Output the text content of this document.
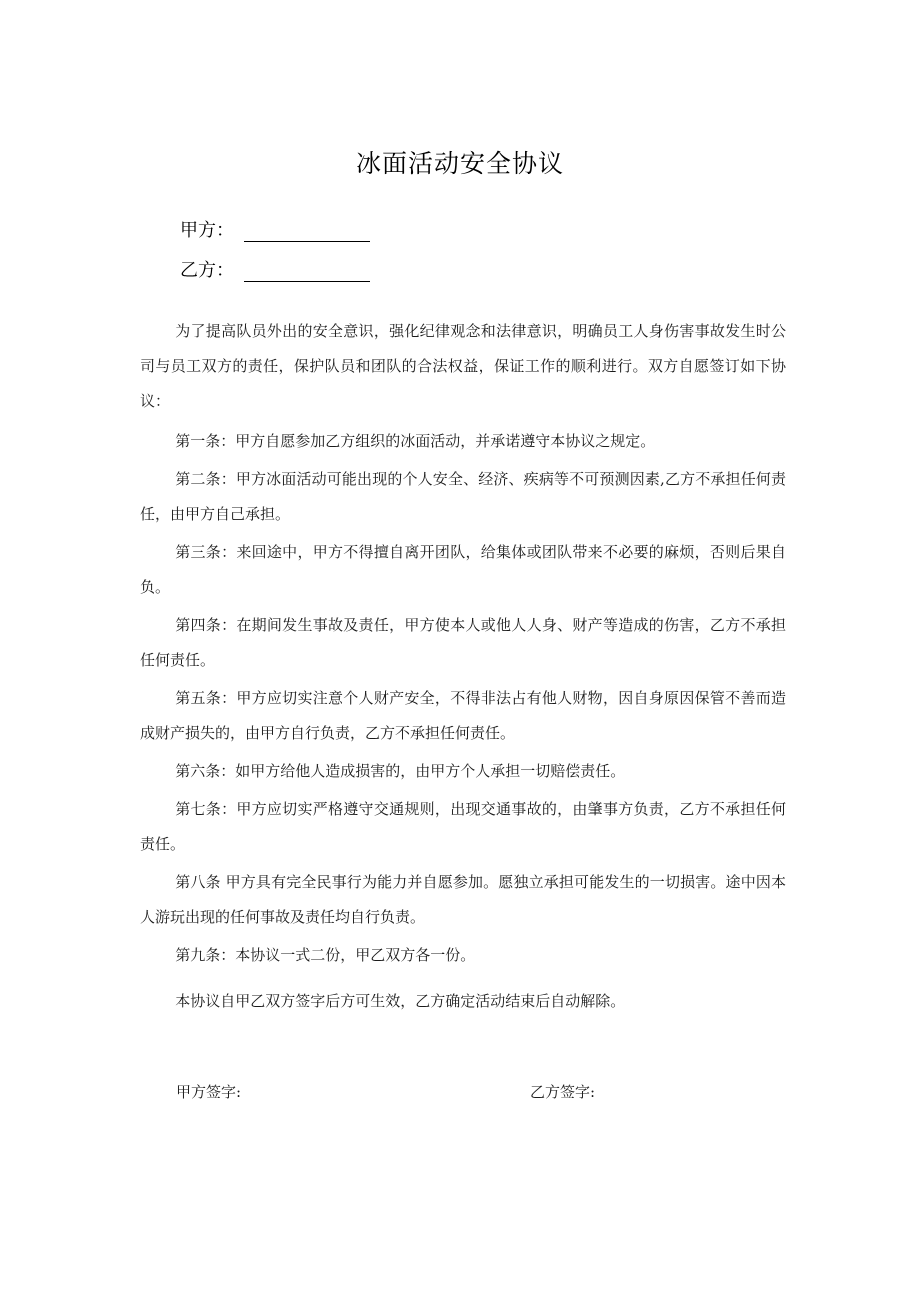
冰面活动安全协议
甲方：
乙方：

为了提高队员外出的安全意识，强化纪律观念和法律意识，明确员工人身伤害事故发生时公司与员工双方的责任，保护队员和团队的合法权益，保证工作的顺利进行。双方自愿签订如下协议：

第一条：甲方自愿参加乙方组织的冰面活动，并承诺遵守本协议之规定。

第二条：甲方冰面活动可能出现的个人安全、经济、疾病等不可预测因素,乙方不承担任何责任，由甲方自己承担。

第三条：来回途中，甲方不得擅自离开团队，给集体或团队带来不必要的麻烦，否则后果自负。

第四条：在期间发生事故及责任，甲方使本人或他人人身、财产等造成的伤害，乙方不承担任何责任。

第五条：甲方应切实注意个人财产安全，不得非法占有他人财物，因自身原因保管不善而造成财产损失的，由甲方自行负责，乙方不承担任何责任。

第六条：如甲方给他人造成损害的，由甲方个人承担一切赔偿责任。

第七条：甲方应切实严格遵守交通规则，出现交通事故的，由肇事方负责，乙方不承担任何责任。

第八条 甲方具有完全民事行为能力并自愿参加。愿独立承担可能发生的一切损害。途中因本人游玩出现的任何事故及责任均自行负责。

第九条：本协议一式二份，甲乙双方各一份。

本协议自甲乙双方签字后方可生效，乙方确定活动结束后自动解除。

甲方签字:	乙方签字:
